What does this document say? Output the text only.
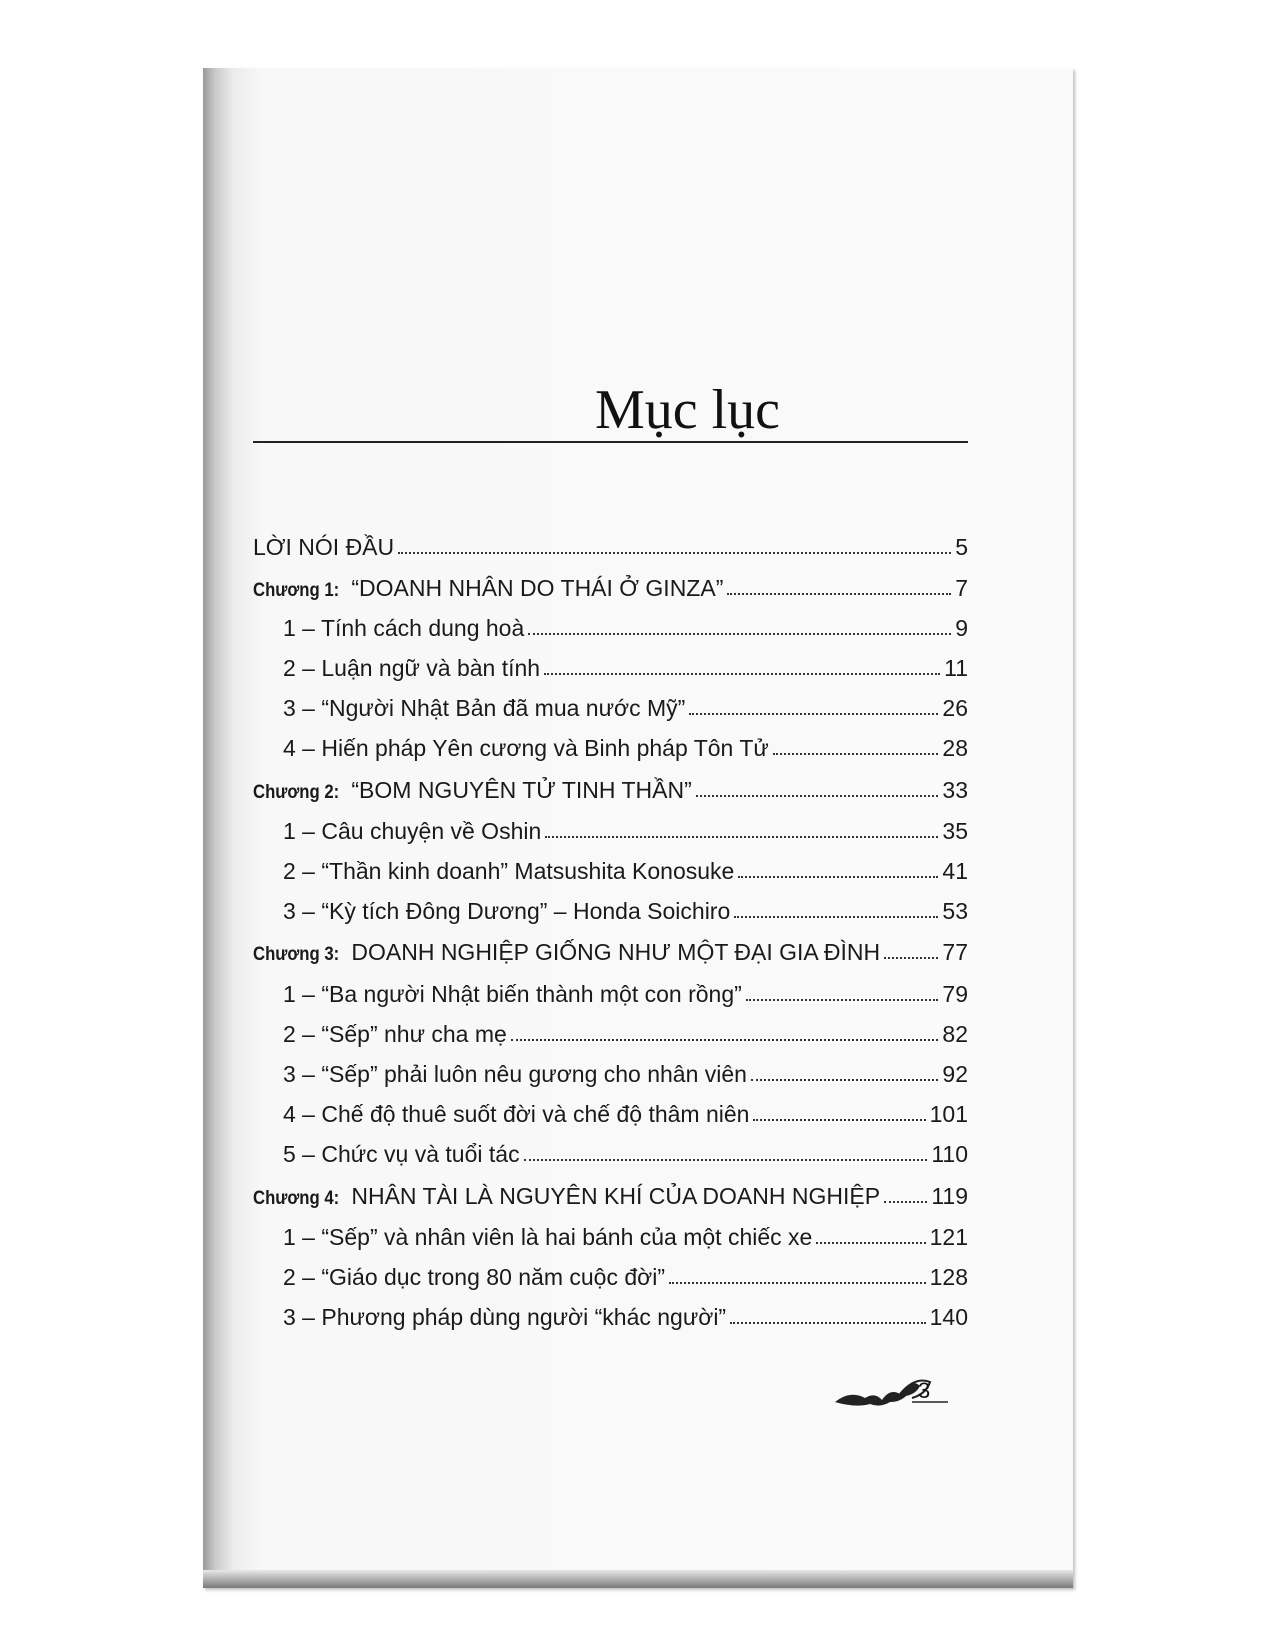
Mục lục
LỜI NÓI ĐẦU	5
Chương 1: “DOANH NHÂN DO THÁI Ở GINZA”	7
1 – Tính cách dung hoà	9
2 – Luận ngữ và bàn tính	11
3 – “Người Nhật Bản đã mua nước Mỹ”	26
4 – Hiến pháp Yên cương và Binh pháp Tôn Tử	28
Chương 2: “BOM NGUYÊN TỬ TINH THẦN”	33
1 – Câu chuyện về Oshin	35
2 – “Thần kinh doanh” Matsushita Konosuke	41
3 – “Kỳ tích Đông Dương” – Honda Soichiro	53
Chương 3: DOANH NGHIỆP GIỐNG NHƯ MỘT ĐẠI GIA ĐÌNH	77
1 – “Ba người Nhật biến thành một con rồng”	79
2 – “Sếp” như cha mẹ	82
3 – “Sếp” phải luôn nêu gương cho nhân viên	92
4 – Chế độ thuê suốt đời và chế độ thâm niên	101
5 – Chức vụ và tuổi tác	110
Chương 4: NHÂN TÀI LÀ NGUYÊN KHÍ CỦA DOANH NGHIỆP 119
1 – “Sếp” và nhân viên là hai bánh của một chiếc xe	121
2 – “Giáo dục trong 80 năm cuộc đời”	128
3 – Phương pháp dùng người “khác người”	140
3
